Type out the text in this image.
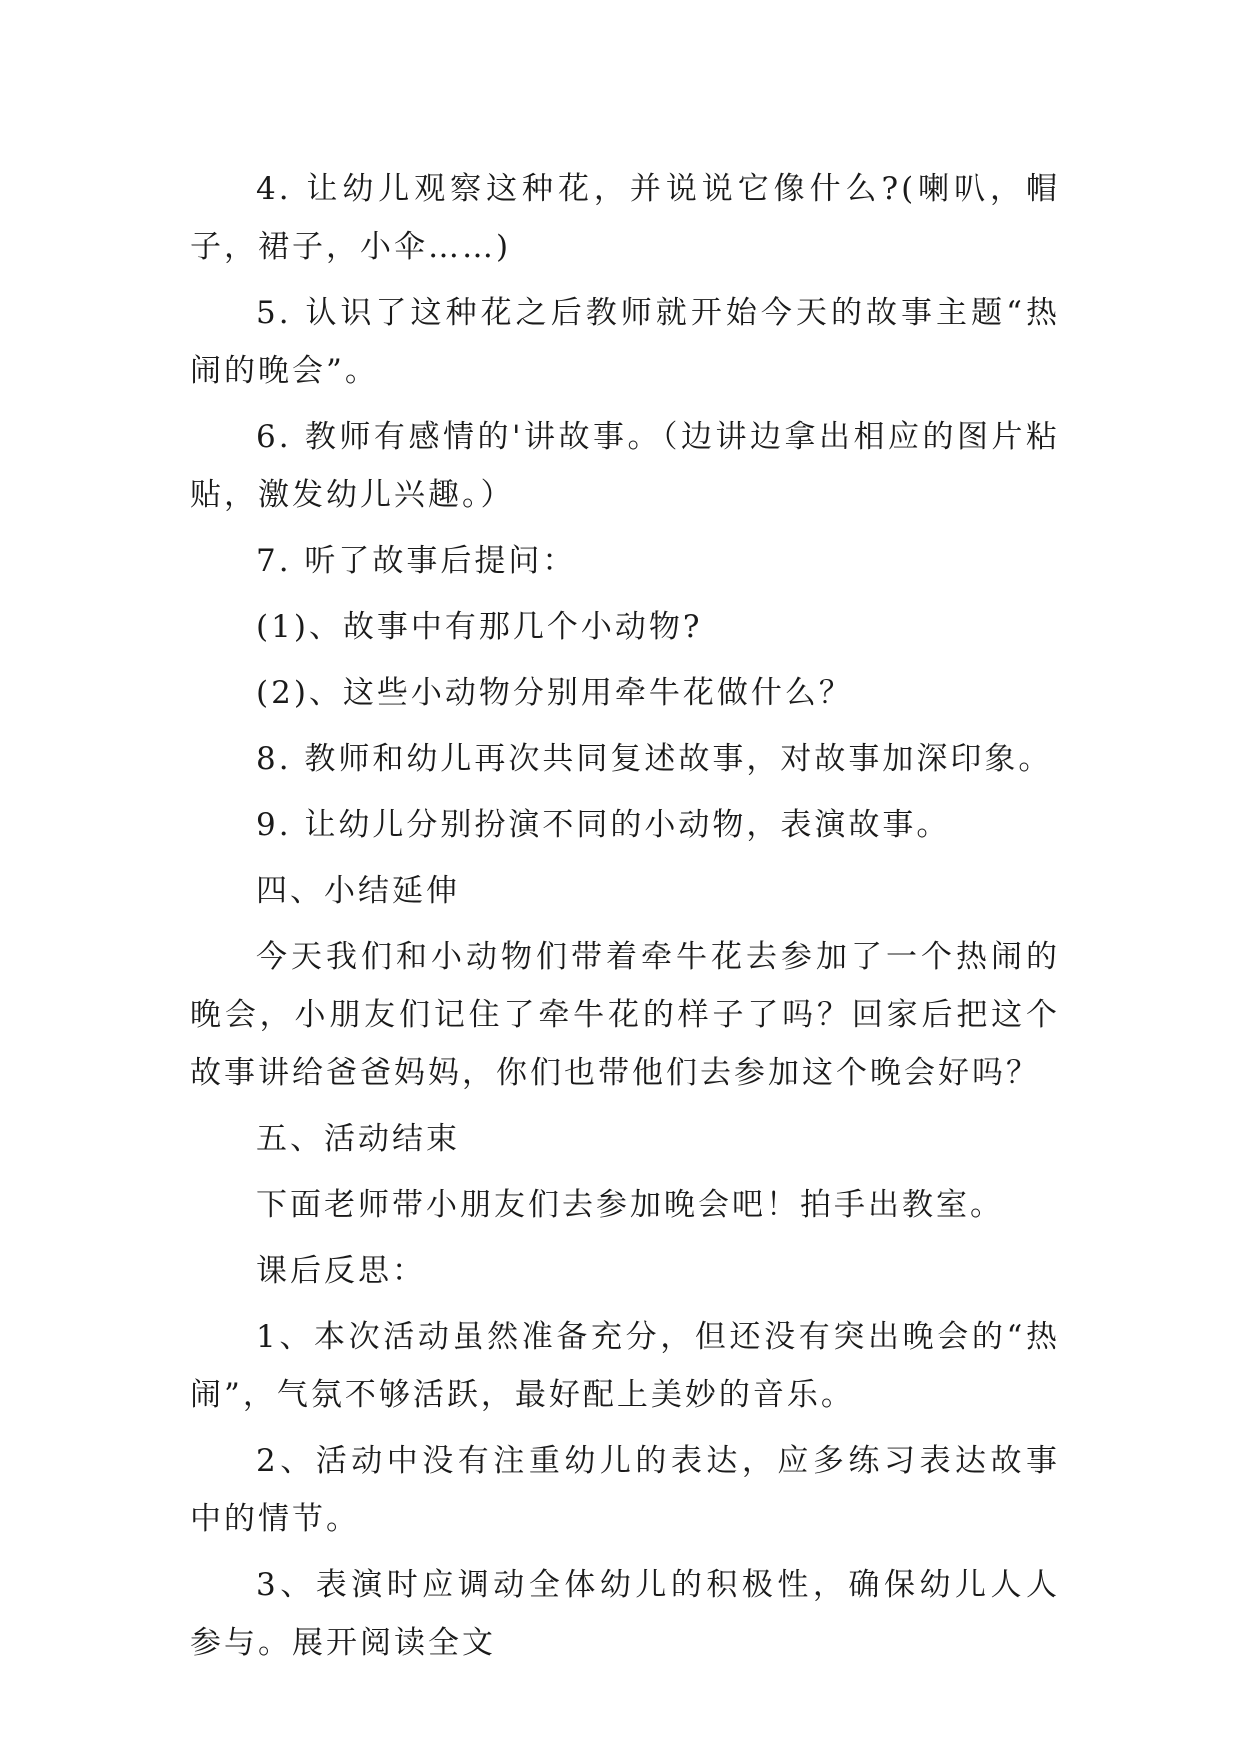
4. 让幼儿观察这种花，并说说它像什么?(喇叭，帽子，裙子，小伞……)

5. 认识了这种花之后教师就开始今天的故事主题“热闹的晚会”。

6. 教师有感情的'讲故事。（边讲边拿出相应的图片粘贴，激发幼儿兴趣。）

7. 听了故事后提问：

(1)、故事中有那几个小动物?

(2)、这些小动物分别用牵牛花做什么？

8. 教师和幼儿再次共同复述故事，对故事加深印象。

9. 让幼儿分别扮演不同的小动物，表演故事。

四、小结延伸

今天我们和小动物们带着牵牛花去参加了一个热闹的晚会，小朋友们记住了牵牛花的样子了吗？回家后把这个故事讲给爸爸妈妈，你们也带他们去参加这个晚会好吗？

五、活动结束

下面老师带小朋友们去参加晚会吧！拍手出教室。

课后反思：

1、本次活动虽然准备充分，但还没有突出晚会的“热闹”，气氛不够活跃，最好配上美妙的音乐。

2、活动中没有注重幼儿的表达，应多练习表达故事中的情节。

3、表演时应调动全体幼儿的积极性，确保幼儿人人参与。展开阅读全文
